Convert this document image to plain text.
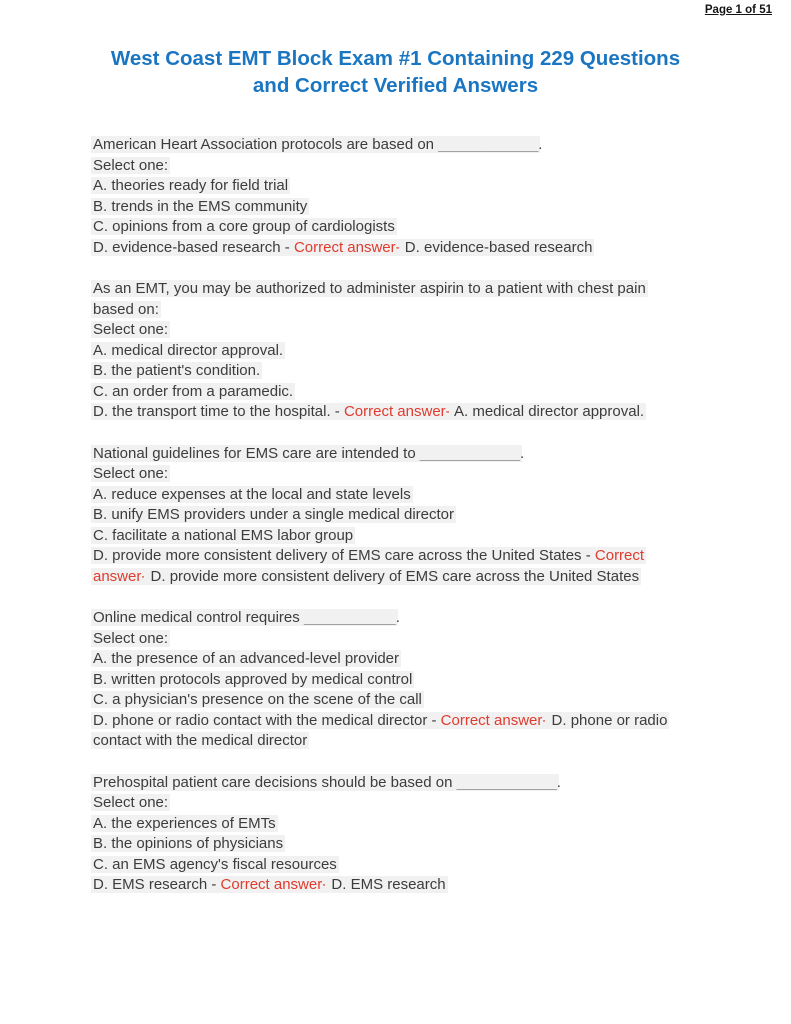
Page 1 of 51
West Coast EMT Block Exam #1 Containing 229 Questions
and Correct Verified Answers
American Heart Association protocols are based on ____________.
Select one:
A. theories ready for field trial
B. trends in the EMS community
C. opinions from a core group of cardiologists
D. evidence-based research - Correct answer- D. evidence-based research
As an EMT, you may be authorized to administer aspirin to a patient with chest pain
based on:
Select one:
A. medical director approval.
B. the patient's condition.
C. an order from a paramedic.
D. the transport time to the hospital. - Correct answer- A. medical director approval.
National guidelines for EMS care are intended to ____________.
Select one:
A. reduce expenses at the local and state levels
B. unify EMS providers under a single medical director
C. facilitate a national EMS labor group
D. provide more consistent delivery of EMS care across the United States - Correct
answer- D. provide more consistent delivery of EMS care across the United States
Online medical control requires ___________.
Select one:
A. the presence of an advanced-level provider
B. written protocols approved by medical control
C. a physician's presence on the scene of the call
D. phone or radio contact with the medical director - Correct answer- D. phone or radio
contact with the medical director
Prehospital patient care decisions should be based on ____________.
Select one:
A. the experiences of EMTs
B. the opinions of physicians
C. an EMS agency's fiscal resources
D. EMS research - Correct answer- D. EMS research
